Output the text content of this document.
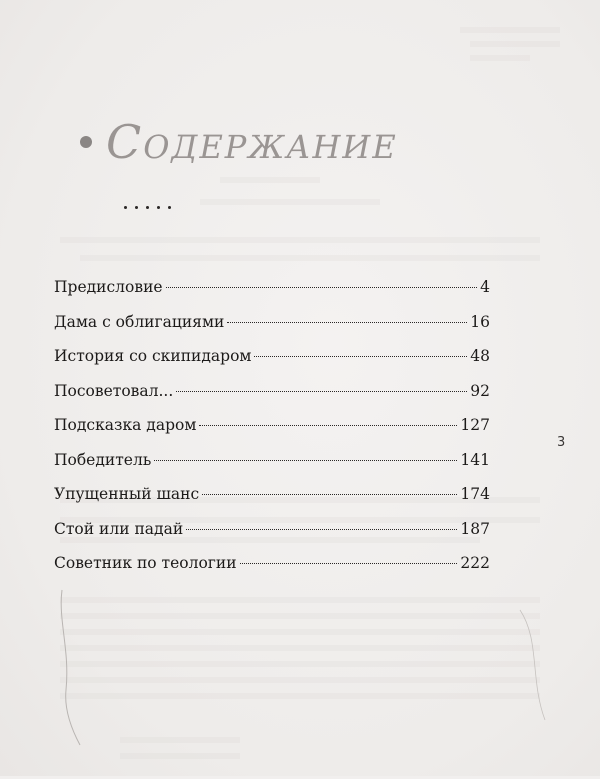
Содержание
Предисловие	4
Дама с облигациями	16
История со скипидаром	48
Посоветовал...	92
Подсказка даром	127
Победитель	141
Упущенный шанс	174
Стой или падай	187
Советник по теологии	222
3
